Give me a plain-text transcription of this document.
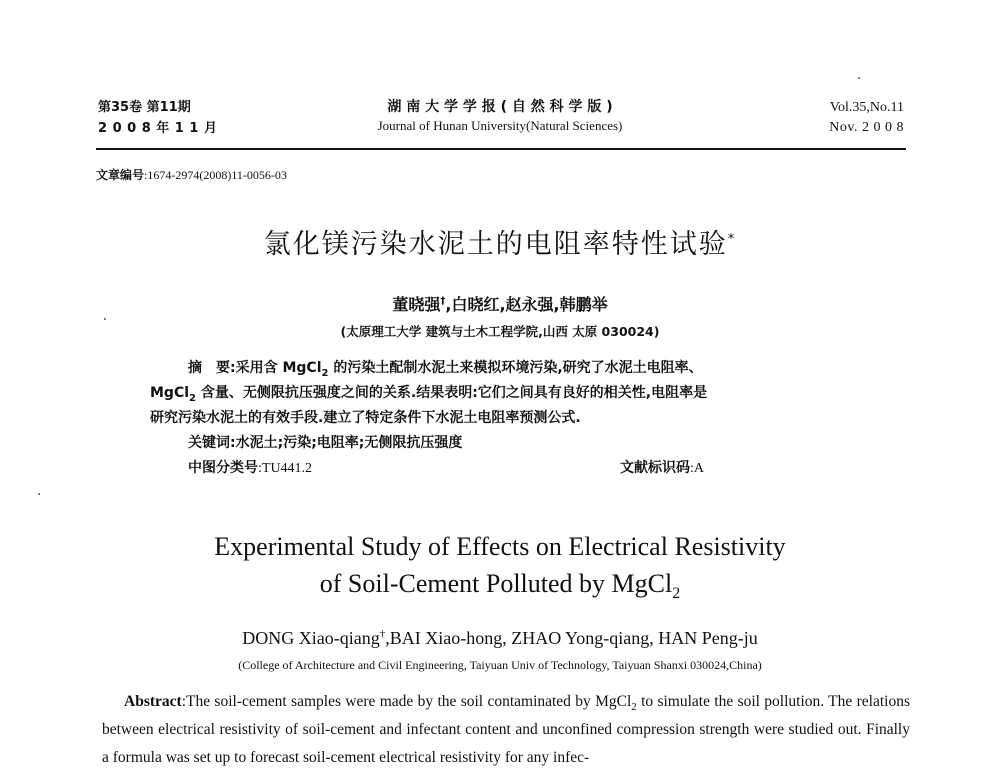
第35卷 第11期
2 0 0 8 年 1 1 月
湖 南 大 学 学 报 ( 自 然 科 学 版 )
Journal of Hunan University(Natural Sciences)
Vol.35,No.11
Nov. 2 0 0 8
文章编号:1674-2974(2008)11-0056-03
氯化镁污染水泥土的电阻率特性试验*
董晓强†,白晓红,赵永强,韩鹏举
(太原理工大学 建筑与土木工程学院,山西 太原 030024)
摘　要:采用含 MgCl$_2$ 的污染土配制水泥土来模拟环境污染,研究了水泥土电阻率、
MgCl$_2$ 含量、无侧限抗压强度之间的关系.结果表明:它们之间具有良好的相关性,电阻率是
研究污染水泥土的有效手段.建立了特定条件下水泥土电阻率预测公式.
关键词:水泥土;污染;电阻率;无侧限抗压强度
中图分类号:TU441.2	文献标识码:A
Experimental Study of Effects on Electrical Resistivity
of Soil-Cement Polluted by MgCl$_2$
DONG Xiao-qiang†,BAI Xiao-hong, ZHAO Yong-qiang, HAN Peng-ju
(College of Architecture and Civil Engineering, Taiyuan Univ of Technology, Taiyuan Shanxi 030024,China)
Abstract:The soil-cement samples were made by the soil contaminated by MgCl$_2$ to simulate the soil pollution. The relations between electrical resistivity of soil-cement and infectant content and unconfined compression strength were studied out. Finally a formula was set up to forecast soil-cement electrical resistivity for any infec-
